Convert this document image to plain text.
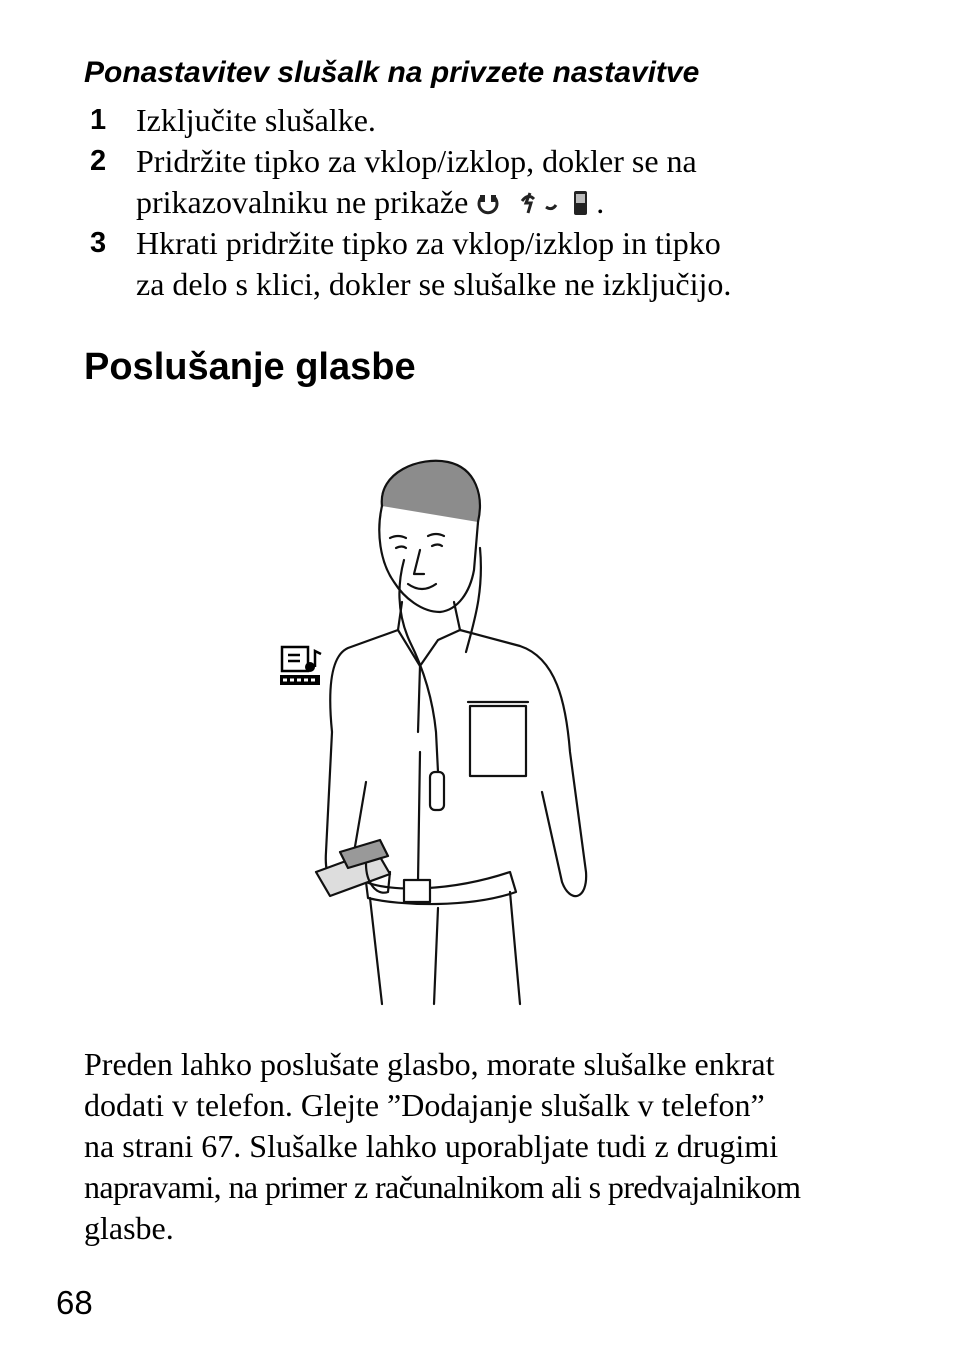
Ponastavitev slušalk na privzete nastavitve
1 Izključite slušalke.
2 Pridržite tipko za vklop/izklop, dokler se na
prikazovalniku ne prikaže	.
3 Hkrati pridržite tipko za vklop/izklop in tipko
za delo s klici, dokler se slušalke ne izključijo.
Poslušanje glasbe
Preden lahko poslušate glasbo, morate slušalke enkrat
dodati v telefon. Glejte ”Dodajanje slušalk v telefon”
na strani 67. Slušalke lahko uporabljate tudi z drugimi
napravami, na primer z računalnikom ali s predvajalnikom
glasbe.
68
